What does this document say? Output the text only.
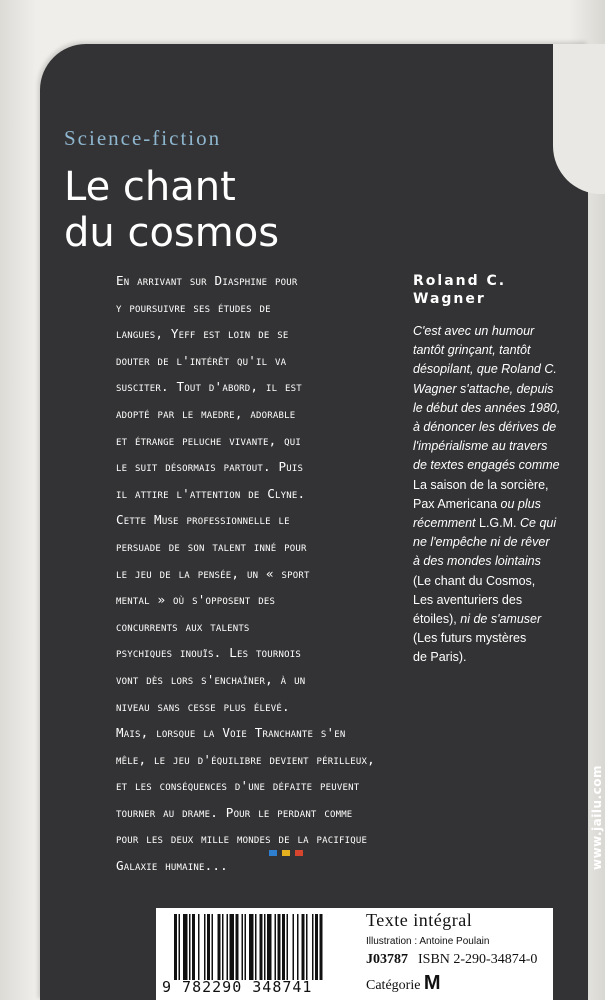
Science-fiction
Le chant
du cosmos
En arrivant sur Diasphine pour
y poursuivre ses études de
langues, Yeff est loin de se
douter de l'intérêt qu'il va
susciter. Tout d'abord, il est
adopté par le maedre, adorable
et étrange peluche vivante, qui
le suit désormais partout. Puis
il attire l'attention de Clyne.
Cette Muse professionnelle le
persuade de son talent inné pour
le jeu de la pensée, un « sport
mental » où s'opposent des
concurrents aux talents
psychiques inouïs. Les tournois
vont dès lors s'enchaîner, à un
niveau sans cesse plus élevé.
Mais, lorsque la Voie Tranchante s'en
mêle, le jeu d'équilibre devient périlleux,
et les conséquences d'une défaite peuvent
tourner au drame. Pour le perdant comme
pour les deux mille mondes de la pacifique
Galaxie humaine...
Roland C.
Wagner
C'est avec un humour
tantôt grinçant, tantôt
désopilant, que Roland C.
Wagner s'attache, depuis
le début des années 1980,
à dénoncer les dérives de
l'impérialisme au travers
de textes engagés comme
La saison de la sorcière,
Pax Americana ou plus
récemment L.G.M. Ce qui
ne l'empêche ni de rêver
à des mondes lointains
(Le chant du Cosmos,
Les aventuriers des
étoiles), ni de s'amuser
(Les futurs mystères
de Paris).
www.jailu.com
9 782290 348741
Texte intégral
Illustration : Antoine Poulain
J03787 ISBN 2-290-34874-0
Catégorie M
